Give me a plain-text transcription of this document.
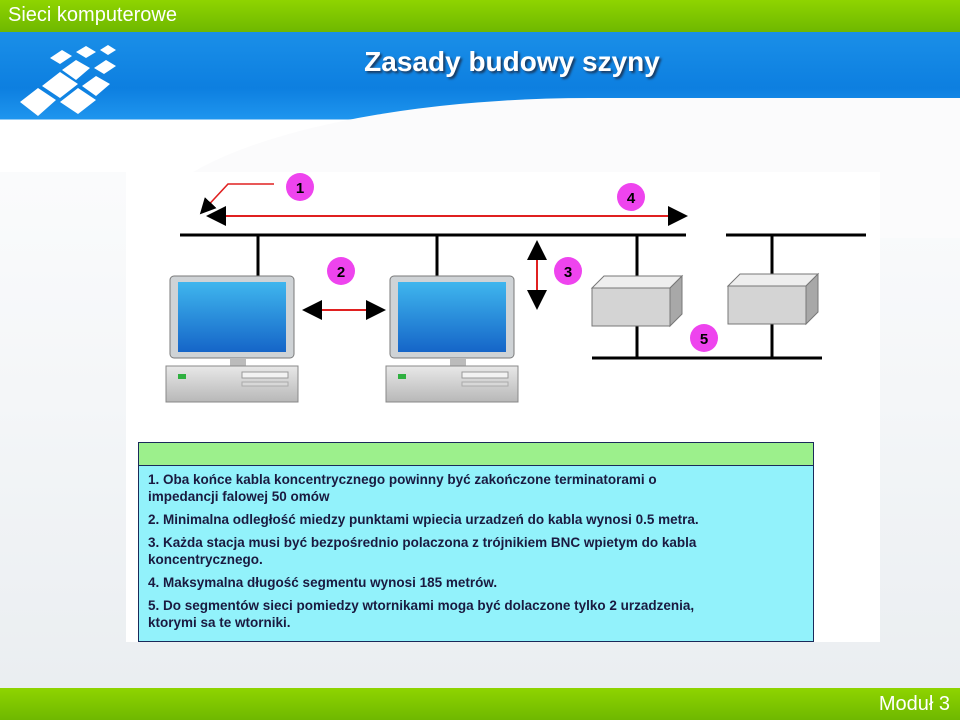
Sieci komputerowe
E-STUDIA INFORMATYCZNE
Zasady budowy szyny
1
4
2	3
5
1. Oba końce kabla koncentrycznego powinny być zakończone terminatorami o
impedancji falowej 50 omów
2. Minimalna odległość miedzy punktami wpiecia urzadzeń do kabla wynosi 0.5 metra.
3. Każda stacja musi być bezpośrednio polaczona z trójnikiem BNC wpietym do kabla
koncentrycznego.
4. Maksymalna długość segmentu wynosi 185 metrów.
5. Do segmentów sieci pomiedzy wtornikami moga być dolaczone tylko 2 urzadzenia,
ktorymi sa te wtorniki.
Moduł 3
